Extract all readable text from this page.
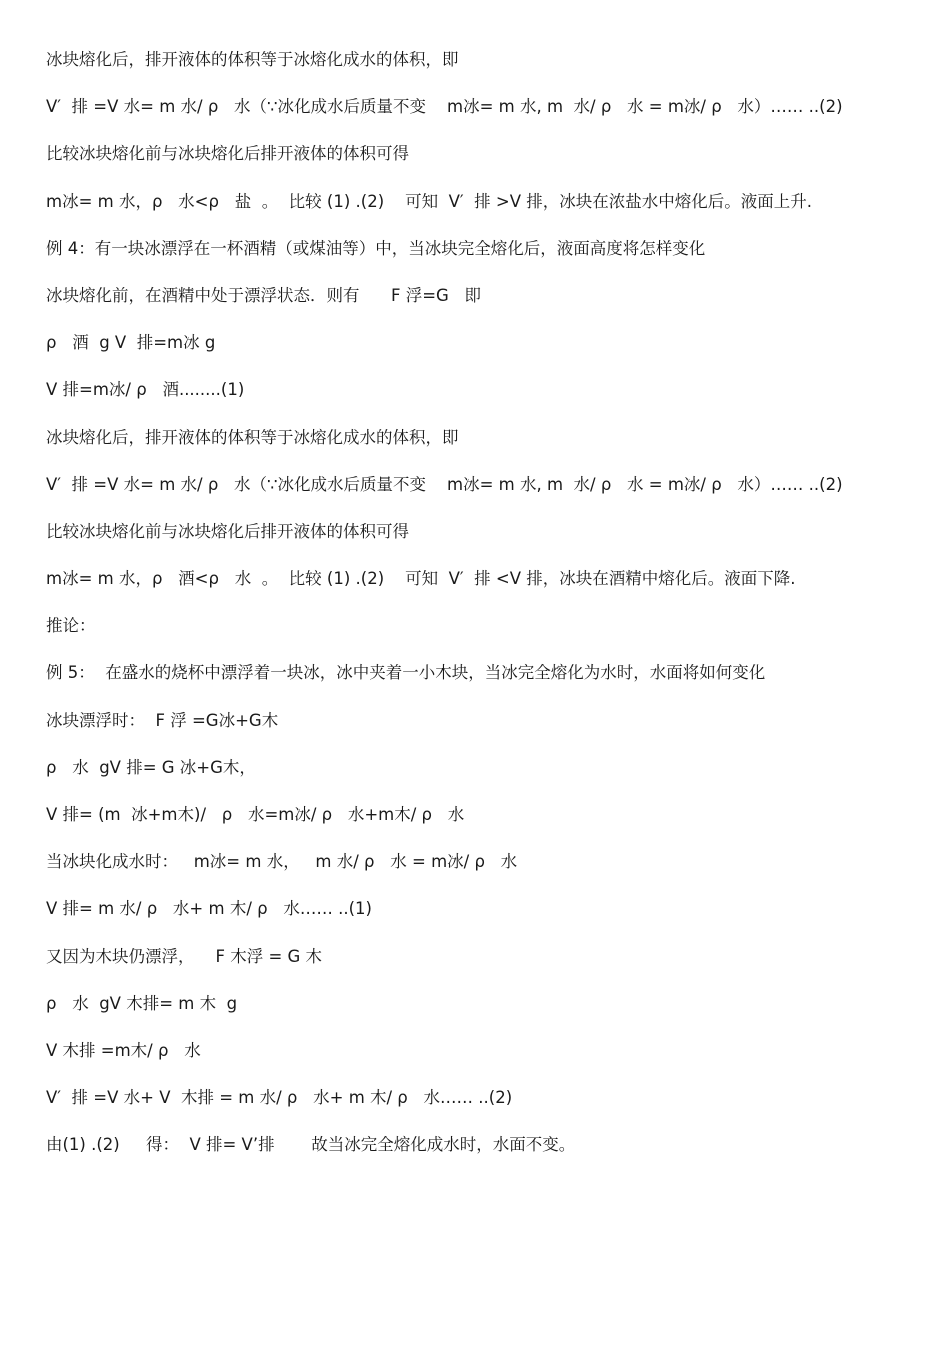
冰块熔化后，排开液体的体积等于冰熔化成水的体积，即
V′  排 =V 水= m 水/ ρ   水（∵冰化成水后质量不变    m冰= m 水, m  水/ ρ   水 = m冰/ ρ   水）…… ..(2)
比较冰块熔化前与冰块熔化后排开液体的体积可得
m冰= m 水，ρ   水<ρ   盐  。  比较 (1) .(2)    可知  V′  排 >V 排，冰块在浓盐水中熔化后。液面上升.
例 4：有一块冰漂浮在一杯酒精（或煤油等）中，当冰块完全熔化后，液面高度将怎样变化
冰块熔化前，在酒精中处于漂浮状态．则有      F 浮=G   即
ρ   酒  g V  排=m冰 g
V 排=m冰/ ρ   酒........(1)
冰块熔化后，排开液体的体积等于冰熔化成水的体积，即
V′  排 =V 水= m 水/ ρ   水（∵冰化成水后质量不变    m冰= m 水, m  水/ ρ   水 = m冰/ ρ   水）…… ..(2)
比较冰块熔化前与冰块熔化后排开液体的体积可得
m冰= m 水，ρ   酒<ρ   水  。  比较 (1) .(2)    可知  V′  排 <V 排，冰块在酒精中熔化后。液面下降.
推论：
例 5：  在盛水的烧杯中漂浮着一块冰，冰中夹着一小木块，当冰完全熔化为水时，水面将如何变化
冰块漂浮时：  F 浮 =G冰+G木
ρ   水  gV 排= G 冰+G木，
V 排= (m  冰+m木)/   ρ   水=m冰/ ρ   水+m木/ ρ   水
当冰块化成水时：   m冰= m 水，   m 水/ ρ   水 = m冰/ ρ   水
V 排= m 水/ ρ   水+ m 木/ ρ   水…… ..(1)
又因为木块仍漂浮，    F 木浮 = G 木
ρ   水  gV 木排= m 木  g
V 木排 =m木/ ρ   水
V′  排 =V 水+ V  木排 = m 水/ ρ   水+ m 木/ ρ   水…… ..(2)
由(1) .(2)     得：  V 排= V’排       故当冰完全熔化成水时，水面不变。
